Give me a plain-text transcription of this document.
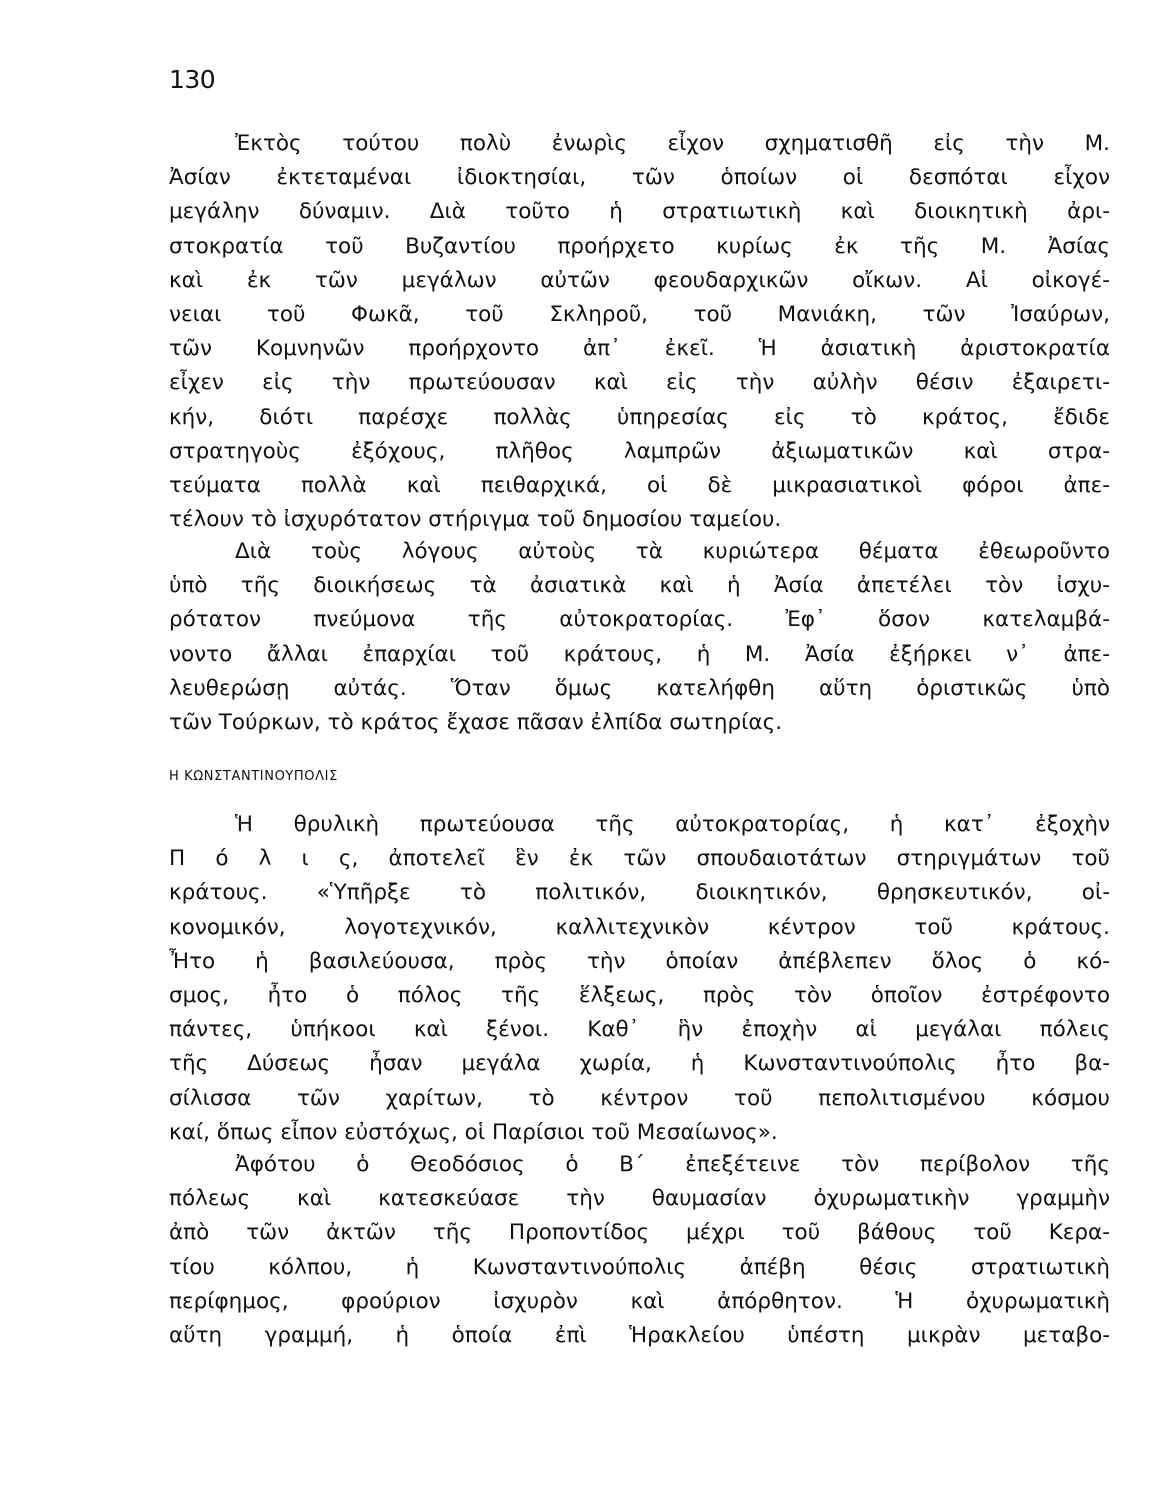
130
Ἐκτὸς τούτου πολὺ ἐνωρὶς εἶχον σχηματισθῆ εἰς τὴν Μ.
Ἀσίαν ἐκτεταμέναι ἰδιοκτησίαι, τῶν ὁποίων οἱ δεσπόται εἶχον
μεγάλην δύναμιν. Διὰ τοῦτο ἡ στρατιωτικὴ καὶ διοικητικὴ ἀρι-
στοκρατία τοῦ Βυζαντίου προήρχετο κυρίως ἐκ τῆς Μ. Ἀσίας
καὶ ἐκ τῶν μεγάλων αὐτῶν φεουδαρχικῶν οἴκων. Αἱ οἰκογέ-
νειαι τοῦ Φωκᾶ, τοῦ Σκληροῦ, τοῦ Μανιάκη, τῶν Ἰσαύρων,
τῶν Κομνηνῶν προήρχοντο ἀπ᾿ ἐκεῖ. Ἡ ἀσιατικὴ ἀριστοκρατία
εἶχεν εἰς τὴν πρωτεύουσαν καὶ εἰς τὴν αὐλὴν θέσιν ἐξαιρετι-
κήν, διότι παρέσχε πολλὰς ὑπηρεσίας εἰς τὸ κράτος, ἔδιδε
στρατηγοὺς ἐξόχους, πλῆθος λαμπρῶν ἀξιωματικῶν καὶ στρα-
τεύματα πολλὰ καὶ πειθαρχικά, οἱ δὲ μικρασιατικοὶ φόροι ἀπε-
τέλουν τὸ ἰσχυρότατον στήριγμα τοῦ δημοσίου ταμείου.
Διὰ τοὺς λόγους αὐτοὺς τὰ κυριώτερα θέματα ἐθεωροῦντο
ὑπὸ τῆς διοικήσεως τὰ ἀσιατικὰ καὶ ἡ Ἀσία ἀπετέλει τὸν ἰσχυ-
ρότατον πνεύμονα τῆς αὐτοκρατορίας. Ἐφ᾿ ὅσον κατελαμβά-
νοντο ἄλλαι ἐπαρχίαι τοῦ κράτους, ἡ Μ. Ἀσία ἐξήρκει ν᾿ ἀπε-
λευθερώσῃ αὐτάς. Ὅταν ὅμως κατελήφθη αὕτη ὁριστικῶς ὑπὸ
τῶν Τούρκων, τὸ κράτος ἔχασε πᾶσαν ἐλπίδα σωτηρίας.
Η ΚΩΝΣΤΑΝΤΙΝΟΥΠΟΛΙΣ
Ἡ θρυλικὴ πρωτεύουσα τῆς αὐτοκρατορίας, ἡ κατ᾿ ἐξοχὴν
Π ό λ ι ς, ἀποτελεῖ ἓν ἐκ τῶν σπουδαιοτάτων στηριγμάτων τοῦ
κράτους. «Ὑπῆρξε τὸ πολιτικόν, διοικητικόν, θρησκευτικόν, οἰ-
κονομικόν, λογοτεχνικόν, καλλιτεχνικὸν κέντρον τοῦ κράτους.
Ἦτο ἡ βασιλεύουσα, πρὸς τὴν ὁποίαν ἀπέβλεπεν ὅλος ὁ κό-
σμος, ἦτο ὁ πόλος τῆς ἕλξεως, πρὸς τὸν ὁποῖον ἐστρέφοντο
πάντες, ὑπήκοοι καὶ ξένοι. Καθ᾿ ἣν ἐποχὴν αἱ μεγάλαι πόλεις
τῆς Δύσεως ἦσαν μεγάλα χωρία, ἡ Κωνσταντινούπολις ἦτο βα-
σίλισσα τῶν χαρίτων, τὸ κέντρον τοῦ πεπολιτισμένου κόσμου
καί, ὅπως εἶπον εὐστόχως, οἱ Παρίσιοι τοῦ Μεσαίωνος».
Ἀφότου ὁ Θεοδόσιος ὁ Β΄ ἐπεξέτεινε τὸν περίβολον τῆς
πόλεως καὶ κατεσκεύασε τὴν θαυμασίαν ὀχυρωματικὴν γραμμὴν
ἀπὸ τῶν ἀκτῶν τῆς Προποντίδος μέχρι τοῦ βάθους τοῦ Κερα-
τίου κόλπου, ἡ Κωνσταντινούπολις ἀπέβη θέσις στρατιωτικὴ
περίφημος, φρούριον ἰσχυρὸν καὶ ἀπόρθητον. Ἡ ὀχυρωματικὴ
αὕτη γραμμή, ἡ ὁποία ἐπὶ Ἡρακλείου ὑπέστη μικρὰν μεταβο-
